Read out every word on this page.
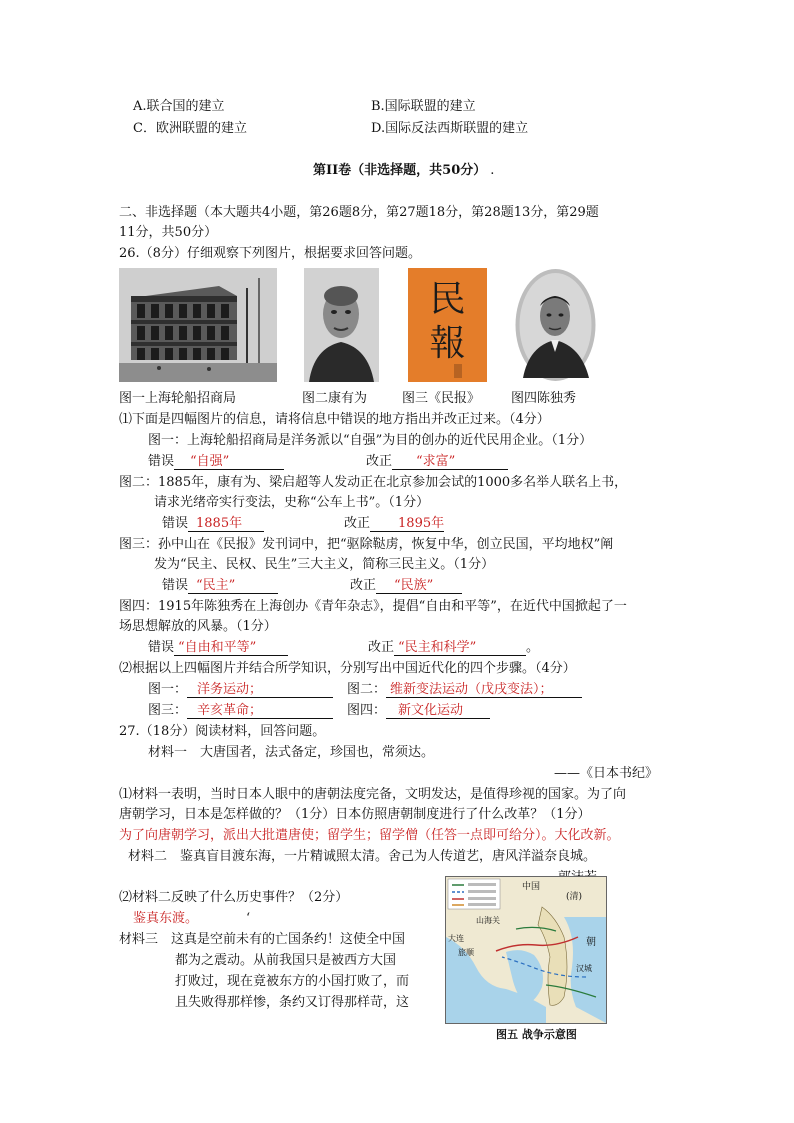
A.联合国的建立	B.国际联盟的建立
C．欧洲联盟的建立	D.国际反法西斯联盟的建立
第II卷（非选择题，共50分） .
二、非选择题（本大题共4小题，第26题8分，第27题18分，第28题13分，第29题
11分，共50分）
26.（8分）仔细观察下列图片，根据要求回答问题。
民
報
图一上海轮船招商局	图二康有为	图三《民报》 图四陈独秀
⑴下面是四幅图片的信息，请将信息中错误的地方指出并改正过来。（4分）
图一：上海轮船招商局是洋务派以“自强”为目的创办的近代民用企业。（1分）
错误 “自强”	改正 “求富”
图二：1885年，康有为、梁启超等人发动正在北京参加会试的1000多名举人联名上书，
请求光绪帝实行变法，史称“公车上书”。（1分）
错误 1885年	改正 1895年
图三：孙中山在《民报》发刊词中，把“驱除鞑虏，恢复中华，创立民国，平均地权”阐
发为“民主、民权、民生”三大主义，简称三民主义。（1分）
错误 “民主”	改正 “民族”
图四：1915年陈独秀在上海创办《青年杂志》，提倡“自由和平等”，在近代中国掀起了一
场思想解放的风暴。（1分）
错误 “自由和平等”	改正 “民主和科学”	。
⑵根据以上四幅图片并结合所学知识，分别写出中国近代化的四个步骤。（4分）
图一： 洋务运动；	图二： 维新变法运动（戊戌变法）；
图三： 辛亥革命；	图四： 新文化运动
27.（18分）阅读材料，回答问题。
材料一　大唐国者，法式备定，珍国也，常须达。
——《日本书纪》
⑴材料一表明，当时日本人眼中的唐朝法度完备，文明发达，是值得珍视的国家。为了向
唐朝学习，日本是怎样做的？（1分）日本仿照唐朝制度进行了什么改革？（1分）
为了向唐朝学习，派出大批遣唐使；留学生；留学僧（任答一点即可给分）。大化改新。
材料二　鉴真盲目渡东海，一片精诚照太清。舍己为人传道艺，唐风洋溢奈良城。
⑵材料二反映了什么历史事件？（2分）
鉴真东渡。	‘
材料三　这真是空前未有的亡国条约！这使全中国
都为之震动。从前我国只是被西方大国
打败过，现在竟被东方的小国打败了，而
且失败得那样惨，条约又订得那样苛，这
中国
(清)
朝
山海关
大连
旅顺
汉城
图五 战争示意图
